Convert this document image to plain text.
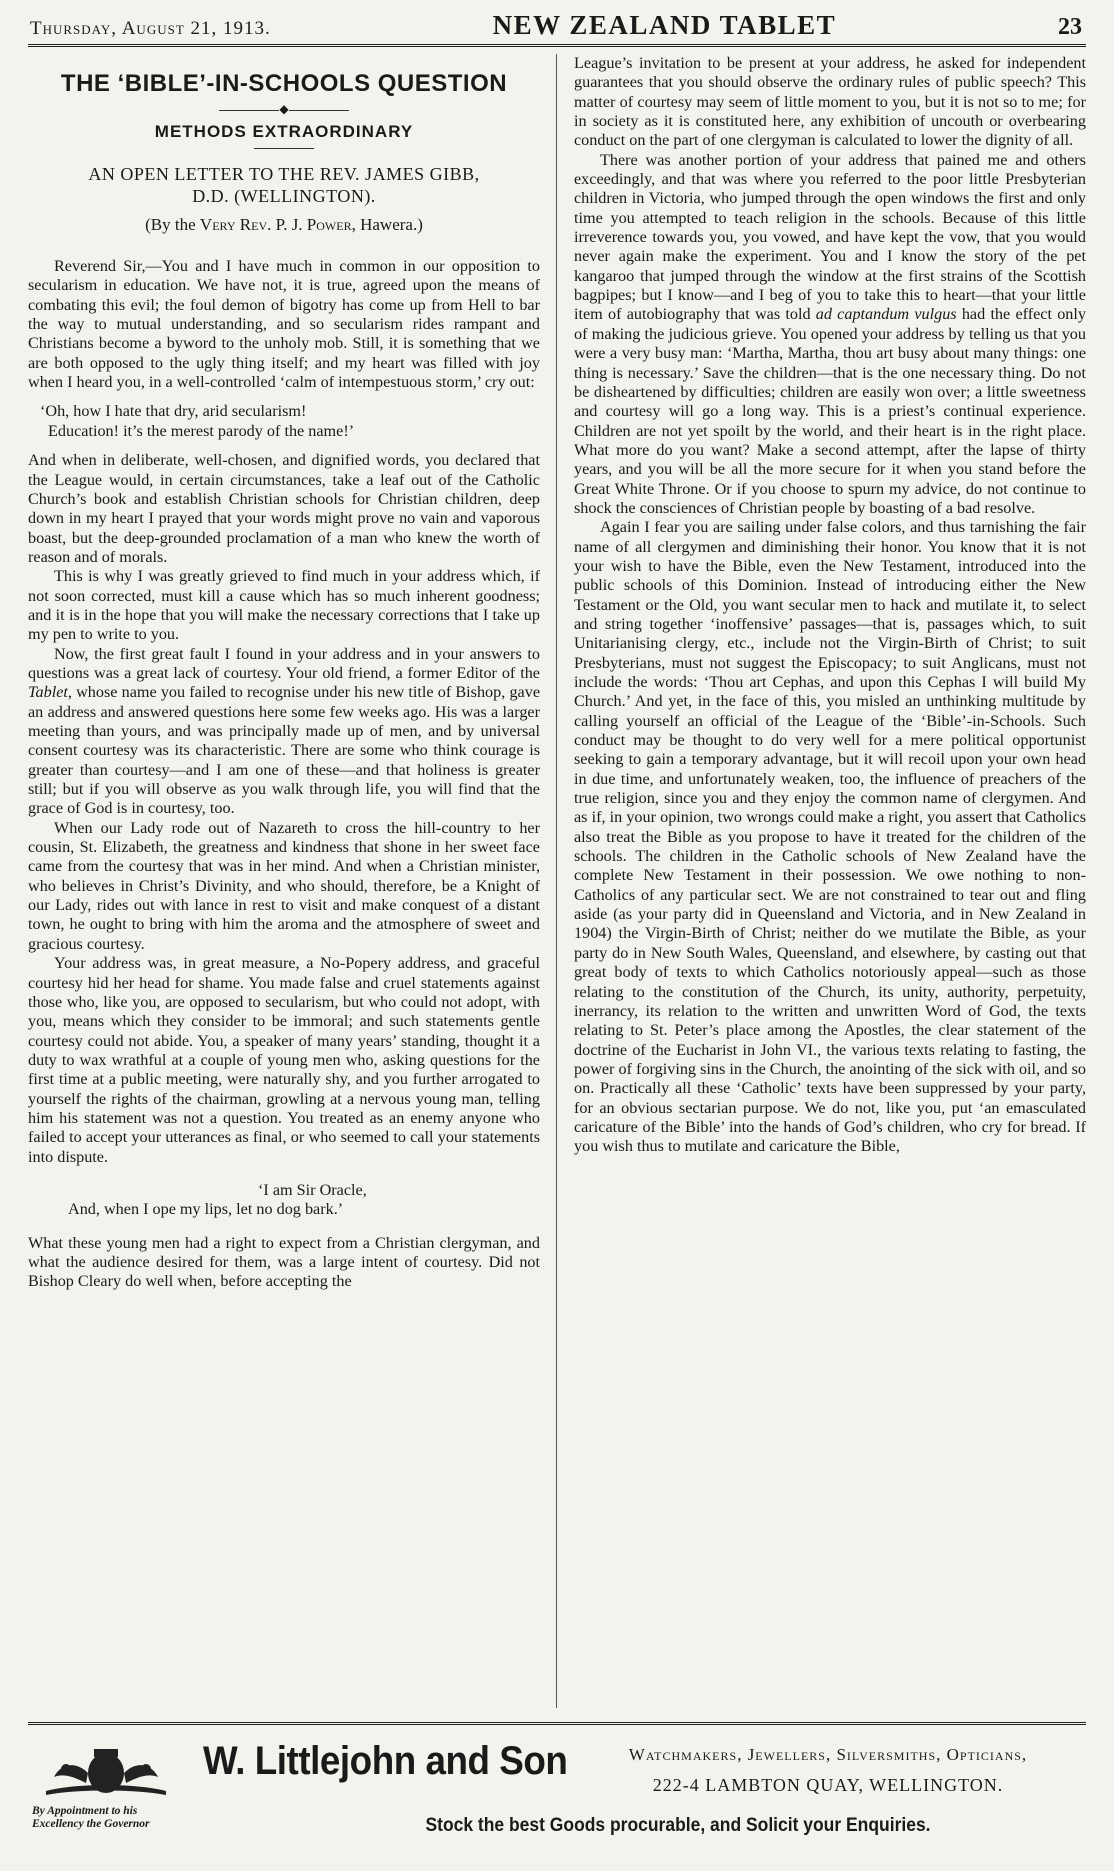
Thursday, August 21, 1913.	NEW ZEALAND TABLET	23
THE ‘BIBLE’-IN-SCHOOLS QUESTION
◆
METHODS EXTRAORDINARY
AN OPEN LETTER TO THE REV. JAMES GIBB,
D.D. (WELLINGTON).
(By the Very Rev. P. J. Power, Hawera.)

Reverend Sir,—You and I have much in common in our opposition to secularism in education. We have not, it is true, agreed upon the means of combating this evil; the foul demon of bigotry has come up from Hell to bar the way to mutual understanding, and so secularism rides rampant and Christians become a byword to the unholy mob. Still, it is something that we are both opposed to the ugly thing itself; and my heart was filled with joy when I heard you, in a well-controlled ‘calm of intempestuous storm,’ cry out:

‘Oh, how I hate that dry, arid secularism!
Education! it’s the merest parody of the name!’

And when in deliberate, well-chosen, and dignified words, you declared that the League would, in certain circumstances, take a leaf out of the Catholic Church’s book and establish Christian schools for Christian children, deep down in my heart I prayed that your words might prove no vain and vaporous boast, but the deep-grounded proclamation of a man who knew the worth of reason and of morals.

This is why I was greatly grieved to find much in your address which, if not soon corrected, must kill a cause which has so much inherent goodness; and it is in the hope that you will make the necessary corrections that I take up my pen to write to you.

Now, the first great fault I found in your address and in your answers to questions was a great lack of courtesy. Your old friend, a former Editor of the Tablet, whose name you failed to recognise under his new title of Bishop, gave an address and answered questions here some few weeks ago. His was a larger meeting than yours, and was principally made up of men, and by universal consent courtesy was its characteristic. There are some who think courage is greater than courtesy—and I am one of these—and that holiness is greater still; but if you will observe as you walk through life, you will find that the grace of God is in courtesy, too.

When our Lady rode out of Nazareth to cross the hill-country to her cousin, St. Elizabeth, the greatness and kindness that shone in her sweet face came from the courtesy that was in her mind. And when a Christian minister, who believes in Christ’s Divinity, and who should, therefore, be a Knight of our Lady, rides out with lance in rest to visit and make conquest of a distant town, he ought to bring with him the aroma and the atmosphere of sweet and gracious courtesy.

Your address was, in great measure, a No-Popery address, and graceful courtesy hid her head for shame. You made false and cruel statements against those who, like you, are opposed to secularism, but who could not adopt, with you, means which they consider to be immoral; and such statements gentle courtesy could not abide. You, a speaker of many years’ standing, thought it a duty to wax wrathful at a couple of young men who, asking questions for the first time at a public meeting, were naturally shy, and you further arrogated to yourself the rights of the chairman, growling at a nervous young man, telling him his statement was not a question. You treated as an enemy anyone who failed to accept your utterances as final, or who seemed to call your statements into dispute.

‘I am Sir Oracle,
And, when I ope my lips, let no dog bark.’

What these young men had a right to expect from a Christian clergyman, and what the audience desired for them, was a large intent of courtesy. Did not Bishop Cleary do well when, before accepting the

League’s invitation to be present at your address, he asked for independent guarantees that you should observe the ordinary rules of public speech? This matter of courtesy may seem of little moment to you, but it is not so to me; for in society as it is constituted here, any exhibition of uncouth or overbearing conduct on the part of one clergyman is calculated to lower the dignity of all.

There was another portion of your address that pained me and others exceedingly, and that was where you referred to the poor little Presbyterian children in Victoria, who jumped through the open windows the first and only time you attempted to teach religion in the schools. Because of this little irreverence towards you, you vowed, and have kept the vow, that you would never again make the experiment. You and I know the story of the pet kangaroo that jumped through the window at the first strains of the Scottish bagpipes; but I know—and I beg of you to take this to heart—that your little item of autobiography that was told ad captandum vulgus had the effect only of making the judicious grieve. You opened your address by telling us that you were a very busy man: ‘Martha, Martha, thou art busy about many things: one thing is necessary.’ Save the children—that is the one necessary thing. Do not be disheartened by difficulties; children are easily won over; a little sweetness and courtesy will go a long way. This is a priest’s continual experience. Children are not yet spoilt by the world, and their heart is in the right place. What more do you want? Make a second attempt, after the lapse of thirty years, and you will be all the more secure for it when you stand before the Great White Throne. Or if you choose to spurn my advice, do not continue to shock the consciences of Christian people by boasting of a bad resolve.

Again I fear you are sailing under false colors, and thus tarnishing the fair name of all clergymen and diminishing their honor. You know that it is not your wish to have the Bible, even the New Testament, introduced into the public schools of this Dominion. Instead of introducing either the New Testament or the Old, you want secular men to hack and mutilate it, to select and string together ‘inoffensive’ passages—that is, passages which, to suit Unitarianising clergy, etc., include not the Virgin-Birth of Christ; to suit Presbyterians, must not suggest the Episcopacy; to suit Anglicans, must not include the words: ‘Thou art Cephas, and upon this Cephas I will build My Church.’ And yet, in the face of this, you misled an unthinking multitude by calling yourself an official of the League of the ‘Bible’-in-Schools. Such conduct may be thought to do very well for a mere political opportunist seeking to gain a temporary advantage, but it will recoil upon your own head in due time, and unfortunately weaken, too, the influence of preachers of the true religion, since you and they enjoy the common name of clergymen. And as if, in your opinion, two wrongs could make a right, you assert that Catholics also treat the Bible as you propose to have it treated for the children of the schools. The children in the Catholic schools of New Zealand have the complete New Testament in their possession. We owe nothing to non-Catholics of any particular sect. We are not constrained to tear out and fling aside (as your party did in Queensland and Victoria, and in New Zealand in 1904) the Virgin-Birth of Christ; neither do we mutilate the Bible, as your party do in New South Wales, Queensland, and elsewhere, by casting out that great body of texts to which Catholics notoriously appeal—such as those relating to the constitution of the Church, its unity, authority, perpetuity, inerrancy, its relation to the written and unwritten Word of God, the texts relating to St. Peter’s place among the Apostles, the clear statement of the doctrine of the Eucharist in John VI., the various texts relating to fasting, the power of forgiving sins in the Church, the anointing of the sick with oil, and so on. Practically all these ‘Catholic’ texts have been suppressed by your party, for an obvious sectarian purpose. We do not, like you, put ‘an emasculated caricature of the Bible’ into the hands of God’s children, who cry for bread. If you wish thus to mutilate and caricature the Bible,

By Appointment to his Excellency the Governor
W. Littlejohn and Son	Watchmakers, Jewellers, Silversmiths, Opticians,
222-4 LAMBTON QUAY, WELLINGTON.
Stock the best Goods procurable, and Solicit your Enquiries.
